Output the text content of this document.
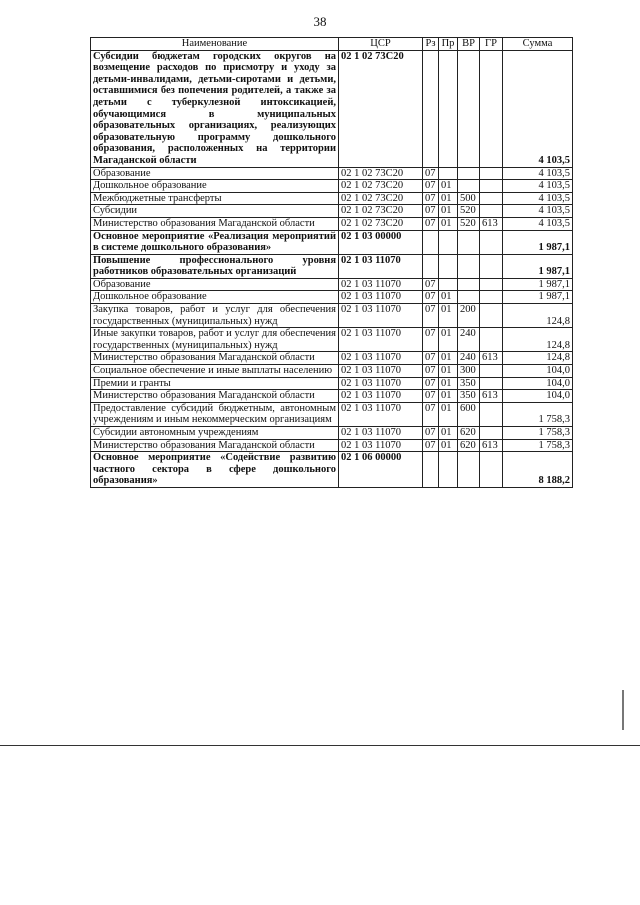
38
Наименование	ЦСР	Рз	Пр	ВР	ГР	Сумма
Субсидии бюджетам городских округов на возмещение расходов по присмотру и уходу за детьми-инвалидами, детьми-сиротами и детьми, оставшимися без попечения родителей, а также за детьми с туберкулезной интоксикацией, обучающимися в муниципальных образовательных организациях, реализующих образовательную программу дошкольного образования, расположенных на территории Магаданской области	02 1 02 73С20					4 103,5
Образование	02 1 02 73С20	07				4 103,5
Дошкольное образование	02 1 02 73С20	07	01			4 103,5
Межбюджетные трансферты	02 1 02 73С20	07	01	500		4 103,5
Субсидии	02 1 02 73С20	07	01	520		4 103,5
Министерство образования Магаданской области	02 1 02 73С20	07	01	520	613	4 103,5
Основное мероприятие «Реализация мероприятий в системе дошкольного образования»	02 1 03 00000					1 987,1
Повышение профессионального уровня работников образовательных организаций	02 1 03 11070					1 987,1
Образование	02 1 03 11070	07				1 987,1
Дошкольное образование	02 1 03 11070	07	01			1 987,1
Закупка товаров, работ и услуг для обеспечения государственных (муниципальных) нужд	02 1 03 11070	07	01	200		124,8
Иные закупки товаров, работ и услуг для обеспечения государственных (муниципальных) нужд	02 1 03 11070	07	01	240		124,8
Министерство образования Магаданской области	02 1 03 11070	07	01	240	613	124,8
Социальное обеспечение и иные выплаты населению	02 1 03 11070	07	01	300		104,0
Премии и гранты	02 1 03 11070	07	01	350		104,0
Министерство образования Магаданской области	02 1 03 11070	07	01	350	613	104,0
Предоставление субсидий бюджетным, автономным учреждениям и иным некоммерческим организациям	02 1 03 11070	07	01	600		1 758,3
Субсидии автономным учреждениям	02 1 03 11070	07	01	620		1 758,3
Министерство образования Магаданской области	02 1 03 11070	07	01	620	613	1 758,3
Основное мероприятие «Содействие развитию частного сектора в сфере дошкольного образования»	02 1 06 00000					8 188,2
